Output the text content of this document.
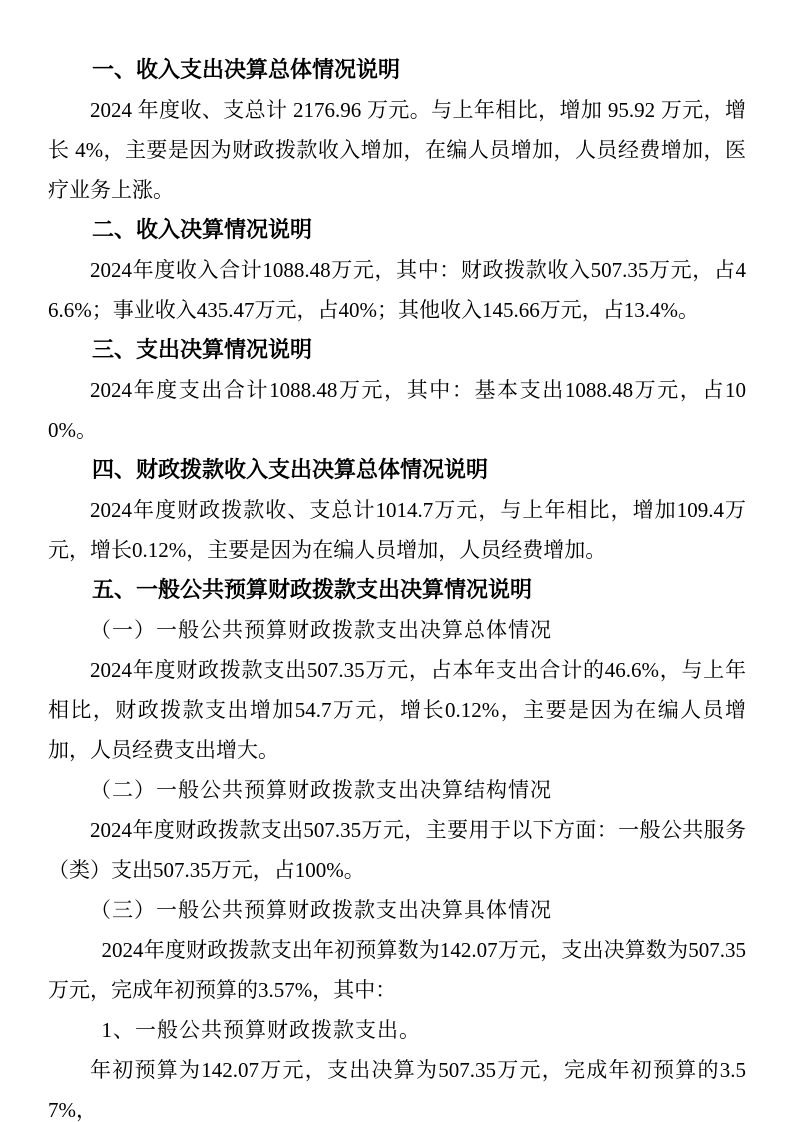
一、收入支出决算总体情况说明

2024 年度收、支总计 2176.96 万元。与上年相比，增加 95.92 万元，增长 4%，主要是因为财政拨款收入增加，在编人员增加，人员经费增加，医疗业务上涨。

二、收入决算情况说明

2024年度收入合计1088.48万元，其中：财政拨款收入507.35万元，占46.6%；事业收入435.47万元，占40%；其他收入145.66万元，占13.4%。

三、支出决算情况说明

2024年度支出合计1088.48万元，其中：基本支出1088.48万元，占100%。

四、财政拨款收入支出决算总体情况说明

2024年度财政拨款收、支总计1014.7万元，与上年相比，增加109.4万元，增长0.12%，主要是因为在编人员增加，人员经费增加。

五、一般公共预算财政拨款支出决算情况说明
（一）一般公共预算财政拨款支出决算总体情况

2024年度财政拨款支出507.35万元，占本年支出合计的46.6%，与上年相比，财政拨款支出增加54.7万元，增长0.12%，主要是因为在编人员增加，人员经费支出增大。

（二）一般公共预算财政拨款支出决算结构情况

2024年度财政拨款支出507.35万元，主要用于以下方面：一般公共服务（类）支出507.35万元，占100%。

（三）一般公共预算财政拨款支出决算具体情况

2024年度财政拨款支出年初预算数为142.07万元，支出决算数为507.35万元，完成年初预算的3.57%，其中：

1、一般公共预算财政拨款支出。

年初预算为142.07万元，支出决算为507.35万元，完成年初预算的3.57%，
